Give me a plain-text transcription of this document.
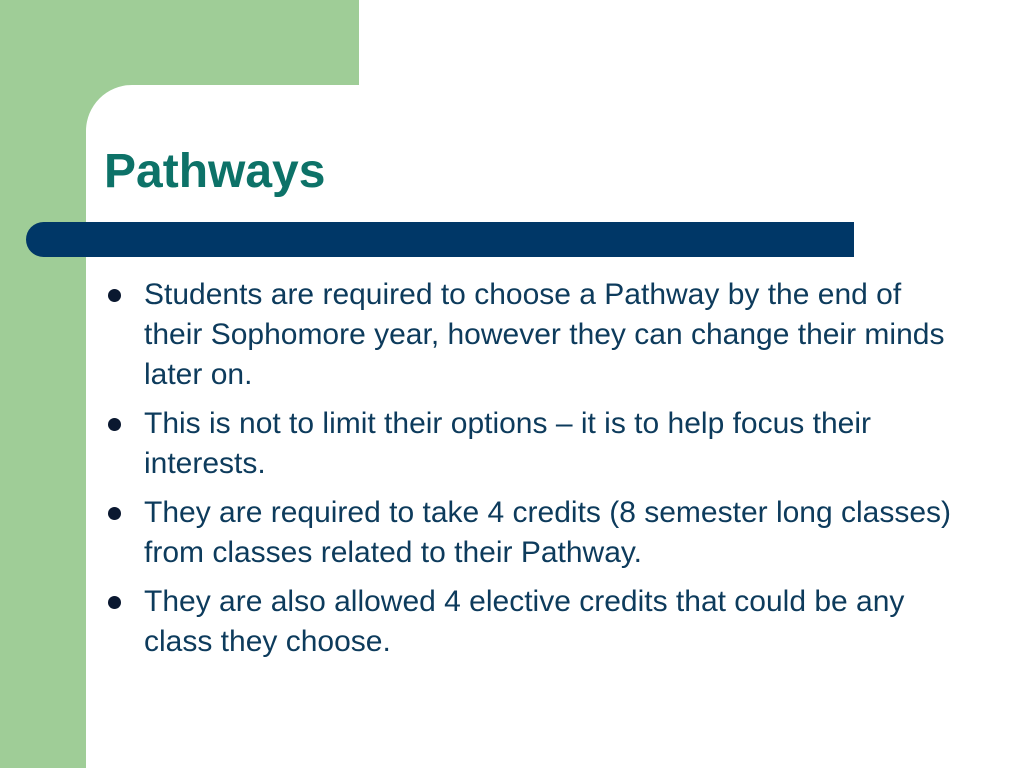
Pathways
Students are required to choose a Pathway by the end of their Sophomore year, however they can change their minds later on.
This is not to limit their options – it is to help focus their interests.
They are required to take 4 credits (8 semester long classes) from classes related to their Pathway.
They are also allowed 4 elective credits that could be any class they choose.
